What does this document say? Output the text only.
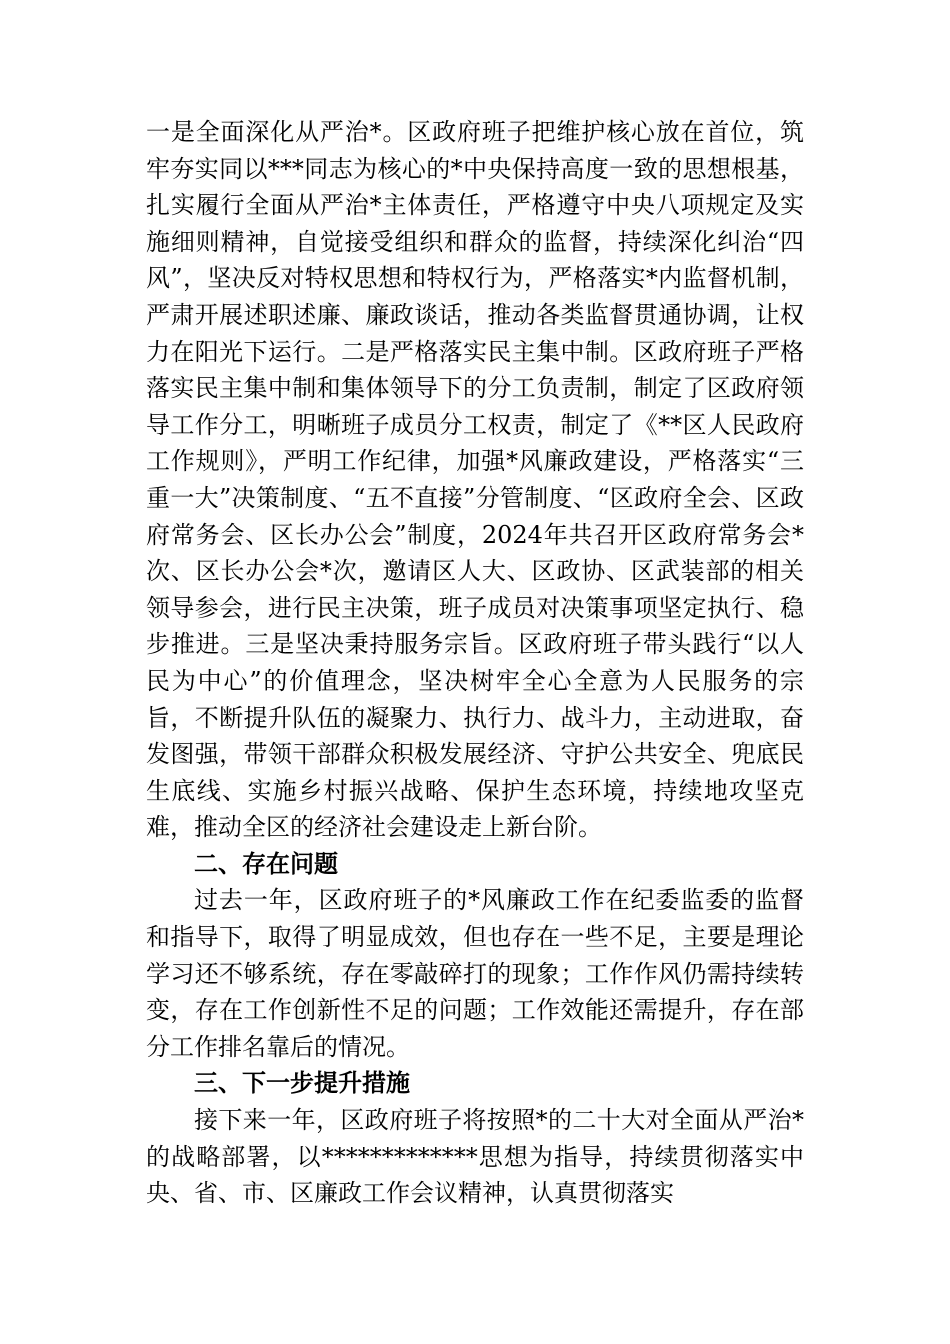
一是全面深化从严治*。区政府班子把维护核心放在首位，筑牢夯实同以***同志为核心的*中央保持高度一致的思想根基，扎实履行全面从严治*主体责任，严格遵守中央八项规定及实施细则精神，自觉接受组织和群众的监督，持续深化纠治“四风”，坚决反对特权思想和特权行为，严格落实*内监督机制，严肃开展述职述廉、廉政谈话，推动各类监督贯通协调，让权力在阳光下运行。二是严格落实民主集中制。区政府班子严格落实民主集中制和集体领导下的分工负责制，制定了区政府领导工作分工，明晰班子成员分工权责，制定了《**区人民政府工作规则》，严明工作纪律，加强*风廉政建设，严格落实“三重一大”决策制度、“五不直接”分管制度、“区政府全会、区政府常务会、区长办公会”制度，2024年共召开区政府常务会*次、区长办公会*次，邀请区人大、区政协、区武装部的相关领导参会，进行民主决策，班子成员对决策事项坚定执行、稳步推进。三是坚决秉持服务宗旨。区政府班子带头践行“以人民为中心”的价值理念，坚决树牢全心全意为人民服务的宗旨，不断提升队伍的凝聚力、执行力、战斗力，主动进取，奋发图强，带领干部群众积极发展经济、守护公共安全、兜底民生底线、实施乡村振兴战略、保护生态环境，持续地攻坚克难，推动全区的经济社会建设走上新台阶。

二、存在问题

过去一年，区政府班子的*风廉政工作在纪委监委的监督和指导下，取得了明显成效，但也存在一些不足，主要是理论学习还不够系统，存在零敲碎打的现象；工作作风仍需持续转变，存在工作创新性不足的问题；工作效能还需提升，存在部分工作排名靠后的情况。

三、下一步提升措施

接下来一年，区政府班子将按照*的二十大对全面从严治*的战略部署，以*************思想为指导，持续贯彻落实中央、省、市、区廉政工作会议精神，认真贯彻落实
